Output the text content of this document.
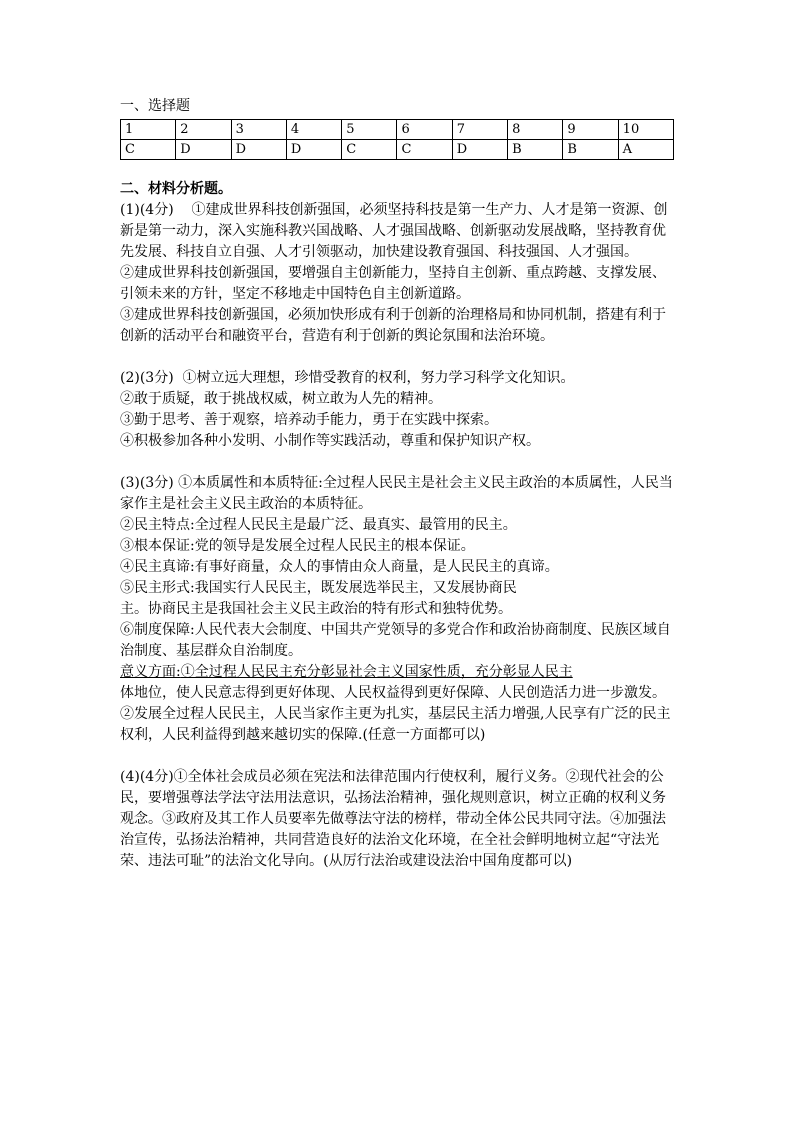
一、选择题
1	2	3	4	5	6	7	8	9	10
C	D	D	D	C	C	D	B	B	A
二、材料分析题。

(1)(4分)    ①建成世界科技创新强国，必须坚持科技是第一生产力、人才是第一资源、创新是第一动力，深入实施科教兴国战略、人才强国战略、创新驱动发展战略，坚持教育优先发展、科技自立自强、人才引领驱动，加快建设教育强国、科技强国、人才强国。

②建成世界科技创新强国，要增强自主创新能力，坚持自主创新、重点跨越、支撑发展、引领未来的方针，坚定不移地走中国特色自主创新道路。

③建成世界科技创新强国，必须加快形成有利于创新的治理格局和协同机制，搭建有利于创新的活动平台和融资平台，营造有利于创新的舆论氛围和法治环境。

(2)(3分)  ①树立远大理想，珍惜受教育的权利，努力学习科学文化知识。

②敢于质疑，敢于挑战权威，树立敢为人先的精神。

③勤于思考、善于观察，培养动手能力，勇于在实践中探索。

④积极参加各种小发明、小制作等实践活动，尊重和保护知识产权。

(3)(3分) ①本质属性和本质特征:全过程人民民主是社会主义民主政治的本质属性，人民当家作主是社会主义民主政治的本质特征。

②民主特点:全过程人民民主是最广泛、最真实、最管用的民主。

③根本保证:党的领导是发展全过程人民民主的根本保证。

④民主真谛:有事好商量，众人的事情由众人商量，是人民民主的真谛。

⑤民主形式:我国实行人民民主，既发展选举民主，又发展协商民

主。协商民主是我国社会主义民主政治的特有形式和独特优势。

⑥制度保障:人民代表大会制度、中国共产党领导的多党合作和政治协商制度、民族区域自治制度、基层群众自治制度。

意义方面:①全过程人民民主充分彰显社会主义国家性质，充分彰显人民主

体地位，使人民意志得到更好体现、人民权益得到更好保障、人民创造活力进一步激发。

②发展全过程人民民主，人民当家作主更为扎实，基层民主活力增强,人民享有广泛的民主权利，人民利益得到越来越切实的保障.(任意一方面都可以)

(4)(4分)①全体社会成员必须在宪法和法律范围内行使权利，履行义务。②现代社会的公民，要增强尊法学法守法用法意识，弘扬法治精神，强化规则意识，树立正确的权利义务观念。③政府及其工作人员要率先做尊法守法的榜样，带动全体公民共同守法。④加强法治宣传，弘扬法治精神，共同营造良好的法治文化环境，在全社会鲜明地树立起“守法光荣、违法可耻”的法治文化导向。(从厉行法治或建设法治中国角度都可以)
